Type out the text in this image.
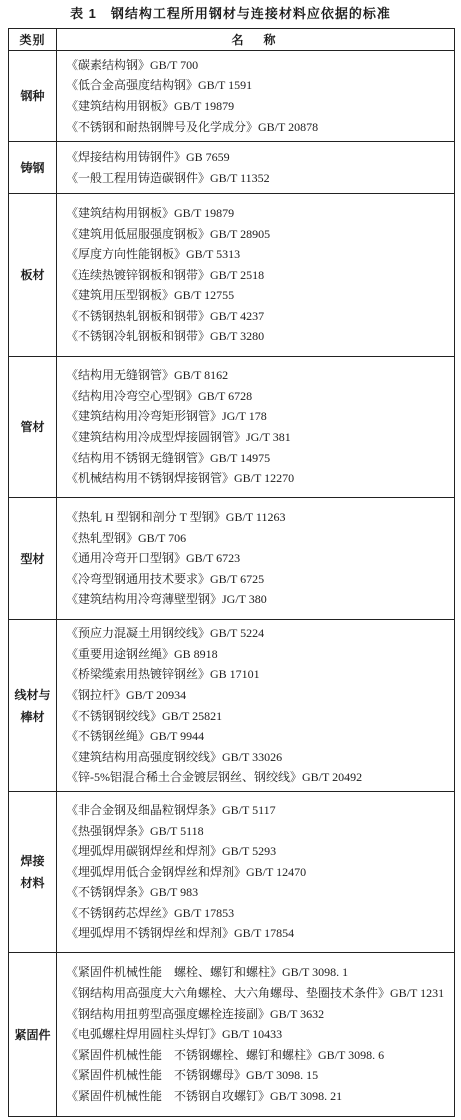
表 1 钢结构工程所用钢材与连接材料应依据的标准
类别	名　称
钢种
《碳素结构钢》GB/T 700
《低合金高强度结构钢》GB/T 1591
《建筑结构用钢板》GB/T 19879
《不锈钢和耐热钢牌号及化学成分》GB/T 20878
铸钢
《焊接结构用铸钢件》GB 7659
《一般工程用铸造碳钢件》GB/T 11352
板材
《建筑结构用钢板》GB/T 19879
《建筑用低屈服强度钢板》GB/T 28905
《厚度方向性能钢板》GB/T 5313
《连续热镀锌钢板和钢带》GB/T 2518
《建筑用压型钢板》GB/T 12755
《不锈钢热轧钢板和钢带》GB/T 4237
《不锈钢冷轧钢板和钢带》GB/T 3280
管材
《结构用无缝钢管》GB/T 8162
《结构用冷弯空心型钢》GB/T 6728
《建筑结构用冷弯矩形钢管》JG/T 178
《建筑结构用冷成型焊接圆钢管》JG/T 381
《结构用不锈钢无缝钢管》GB/T 14975
《机械结构用不锈钢焊接钢管》GB/T 12270
型材
《热轧 H 型钢和剖分 T 型钢》GB/T 11263
《热轧型钢》GB/T 706
《通用冷弯开口型钢》GB/T 6723
《冷弯型钢通用技术要求》GB/T 6725
《建筑结构用冷弯薄壁型钢》JG/T 380
线材与
棒材
《预应力混凝土用钢绞线》GB/T 5224
《重要用途钢丝绳》GB 8918
《桥梁缆索用热镀锌钢丝》GB 17101
《钢拉杆》GB/T 20934
《不锈钢钢绞线》GB/T 25821
《不锈钢丝绳》GB/T 9944
《建筑结构用高强度钢绞线》GB/T 33026
《锌-5%铝混合稀土合金镀层钢丝、钢绞线》GB/T 20492
焊接
材料
《非合金钢及细晶粒钢焊条》GB/T 5117
《热强钢焊条》GB/T 5118
《埋弧焊用碳钢焊丝和焊剂》GB/T 5293
《埋弧焊用低合金钢焊丝和焊剂》GB/T 12470
《不锈钢焊条》GB/T 983
《不锈钢药芯焊丝》GB/T 17853
《埋弧焊用不锈钢焊丝和焊剂》GB/T 17854
紧固件
《紧固件机械性能　螺栓、螺钉和螺柱》GB/T 3098. 1
《钢结构用高强度大六角螺栓、大六角螺母、垫圈技术条件》GB/T 1231
《钢结构用扭剪型高强度螺栓连接副》GB/T 3632
《电弧螺柱焊用圆柱头焊钉》GB/T 10433
《紧固件机械性能　不锈钢螺栓、螺钉和螺柱》GB/T 3098. 6
《紧固件机械性能　不锈钢螺母》GB/T 3098. 15
《紧固件机械性能　不锈钢自攻螺钉》GB/T 3098. 21
